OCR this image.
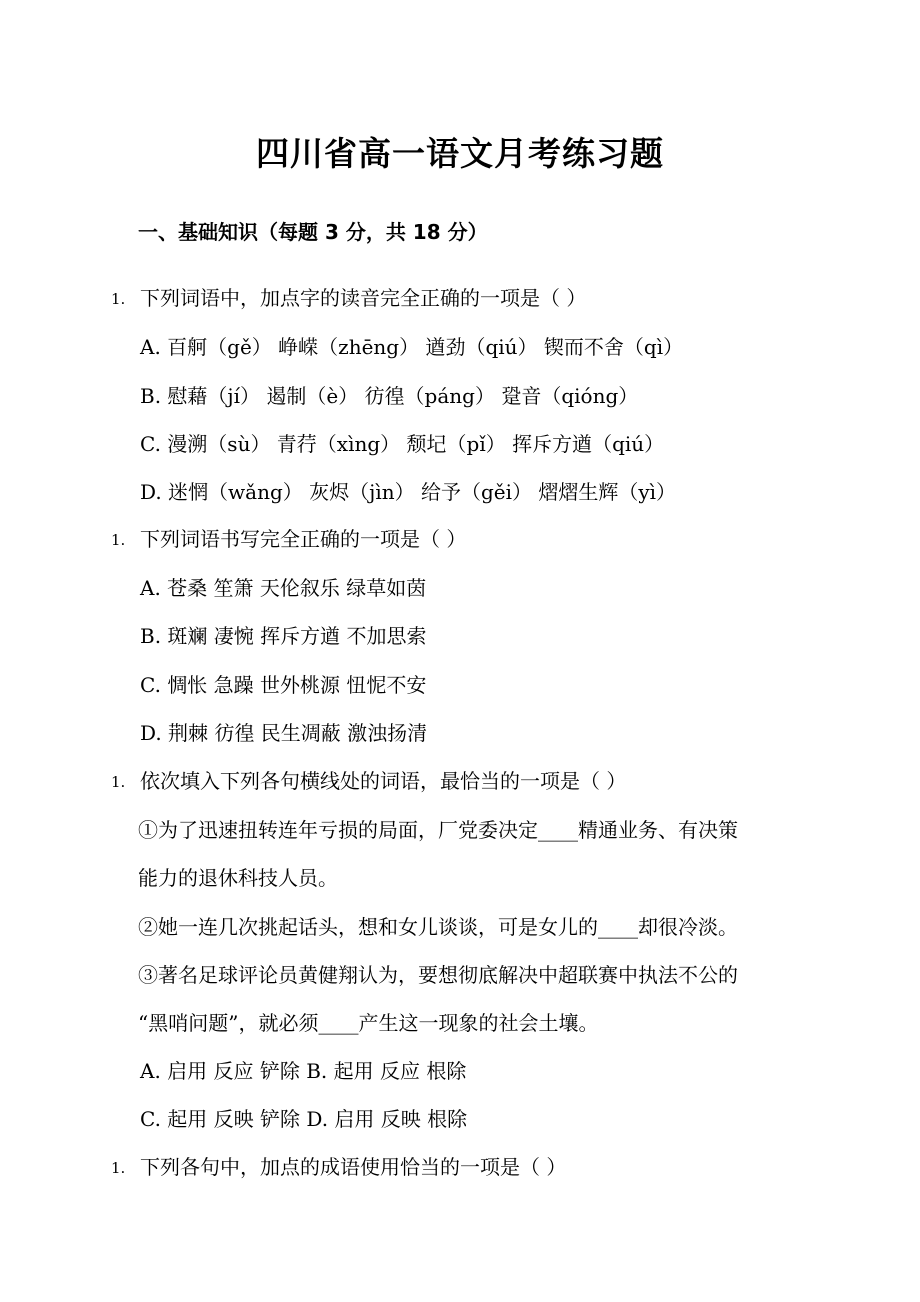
四川省高一语文月考练习题
一、基础知识（每题 3 分，共 18 分）
1. 下列词语中，加点字的读音完全正确的一项是（ ）
A. 百舸（gě） 峥嵘（zhēng） 遒劲（qiú） 锲而不舍（qì）
B. 慰藉（jí） 遏制（è） 彷徨（páng） 跫音（qióng）
C. 漫溯（sù） 青荇（xìng） 颓圮（pǐ） 挥斥方遒（qiú）
D. 迷惘（wǎng） 灰烬（jìn） 给予（gěi） 熠熠生辉（yì）
1. 下列词语书写完全正确的一项是（ ）
A. 苍桑 笙箫 天伦叙乐 绿草如茵
B. 斑斓 凄惋 挥斥方遒 不加思索
C. 惆怅 急躁 世外桃源 忸怩不安
D. 荆棘 彷徨 民生凋蔽 激浊扬清
1. 依次填入下列各句横线处的词语，最恰当的一项是（ ）
①为了迅速扭转连年亏损的局面，厂党委决定____精通业务、有决策
能力的退休科技人员。
②她一连几次挑起话头，想和女儿谈谈，可是女儿的____却很冷淡。
③著名足球评论员黄健翔认为，要想彻底解决中超联赛中执法不公的
“黑哨问题”，就必须____产生这一现象的社会土壤。
A. 启用 反应 铲除 B. 起用 反应 根除
C. 起用 反映 铲除 D. 启用 反映 根除
1. 下列各句中，加点的成语使用恰当的一项是（ ）
